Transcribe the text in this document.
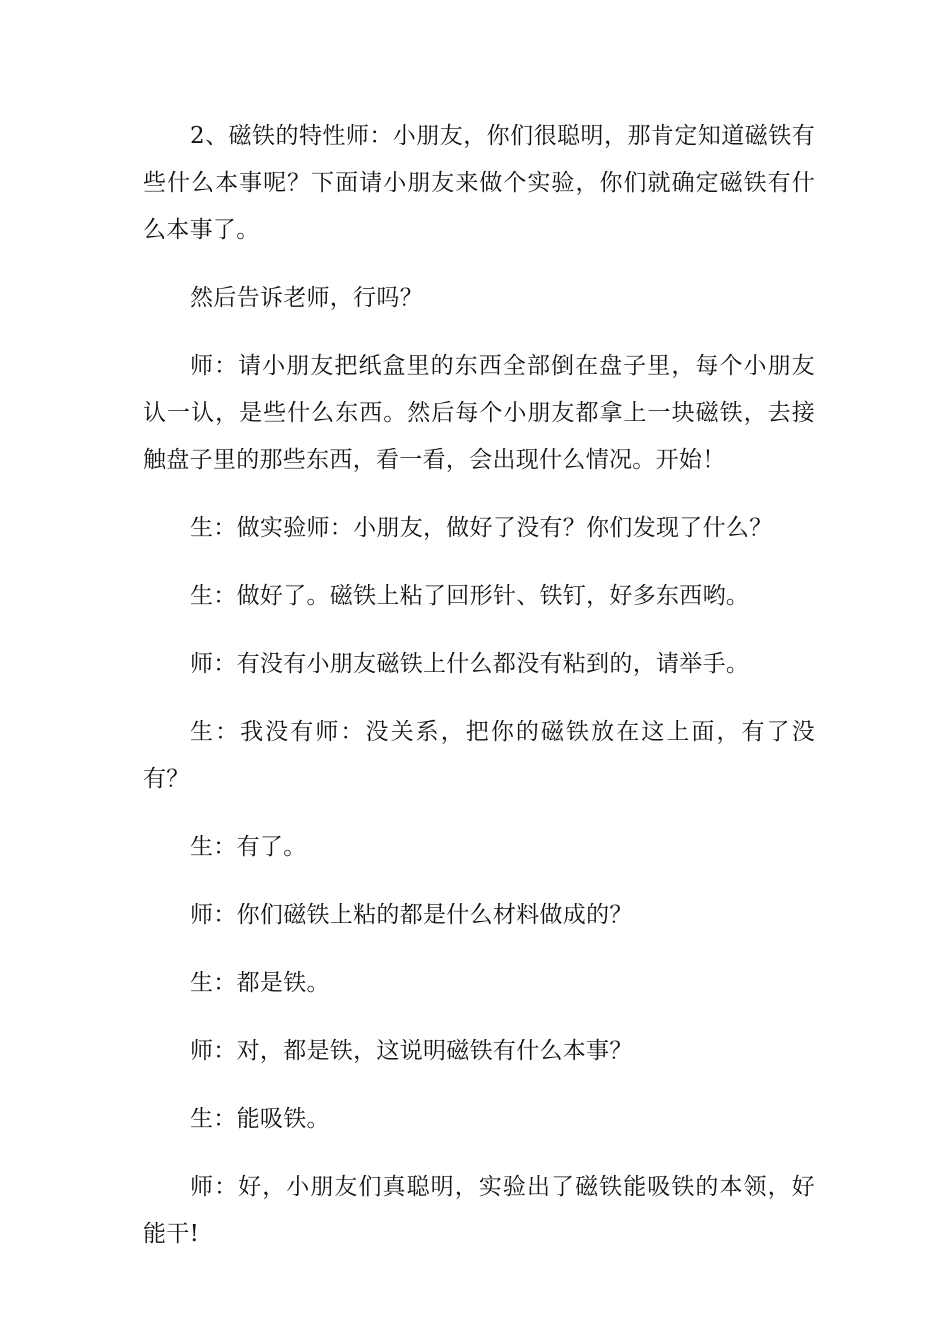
2、磁铁的特性师：小朋友，你们很聪明，那肯定知道磁铁有些什么本事呢？下面请小朋友来做个实验，你们就确定磁铁有什么本事了。

然后告诉老师，行吗？

师：请小朋友把纸盒里的东西全部倒在盘子里，每个小朋友认一认，是些什么东西。然后每个小朋友都拿上一块磁铁，去接触盘子里的那些东西，看一看，会出现什么情况。开始！

生：做实验师：小朋友，做好了没有？你们发现了什么？

生：做好了。磁铁上粘了回形针、铁钉，好多东西哟。

师：有没有小朋友磁铁上什么都没有粘到的，请举手。

生：我没有师：没关系，把你的磁铁放在这上面，有了没有？

生：有了。

师：你们磁铁上粘的都是什么材料做成的？

生：都是铁。

师：对，都是铁，这说明磁铁有什么本事？

生：能吸铁。

师：好，小朋友们真聪明，实验出了磁铁能吸铁的本领，好能干!
